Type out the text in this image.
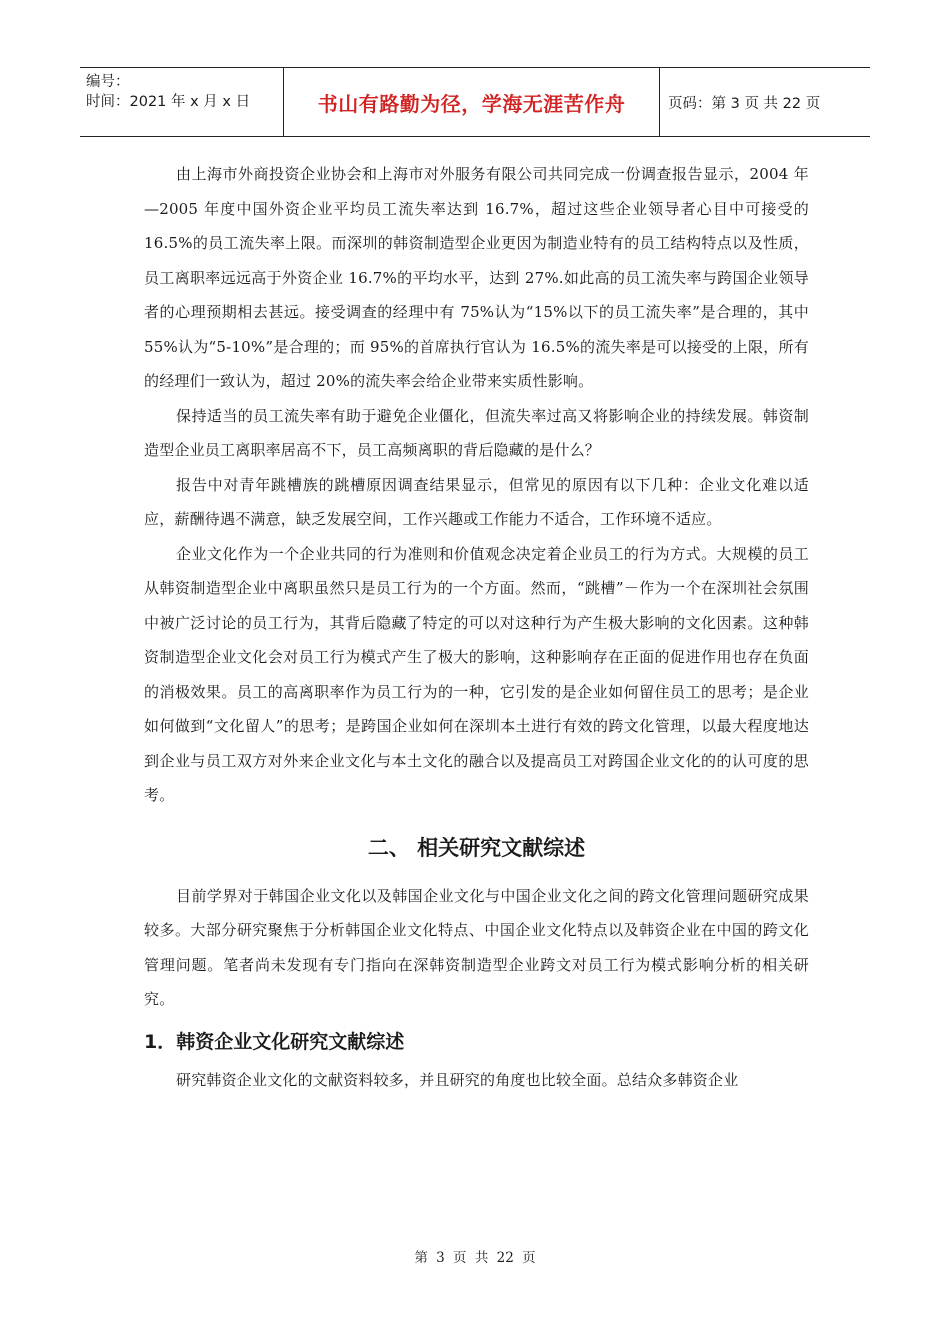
编号：
时间：2021 年 x 月 x 日	书山有路勤为径，学海无涯苦作舟	页码：第 3 页 共 22 页

由上海市外商投资企业协会和上海市对外服务有限公司共同完成一份调查报告显示，2004 年—2005 年度中国外资企业平均员工流失率达到 16.7%，超过这些企业领导者心目中可接受的 16.5%的员工流失率上限。而深圳的韩资制造型企业更因为制造业特有的员工结构特点以及性质，员工离职率远远高于外资企业 16.7%的平均水平，达到 27%.如此高的员工流失率与跨国企业领导者的心理预期相去甚远。接受调查的经理中有 75%认为“15%以下的员工流失率”是合理的，其中 55%认为“5-10%”是合理的；而 95%的首席执行官认为 16.5%的流失率是可以接受的上限，所有的经理们一致认为，超过 20%的流失率会给企业带来实质性影响。

保持适当的员工流失率有助于避免企业僵化，但流失率过高又将影响企业的持续发展。韩资制造型企业员工离职率居高不下，员工高频离职的背后隐藏的是什么？

报告中对青年跳槽族的跳槽原因调查结果显示，但常见的原因有以下几种：企业文化难以适应，薪酬待遇不满意，缺乏发展空间，工作兴趣或工作能力不适合，工作环境不适应。

企业文化作为一个企业共同的行为准则和价值观念决定着企业员工的行为方式。大规模的员工从韩资制造型企业中离职虽然只是员工行为的一个方面。然而，“跳槽”－作为一个在深圳社会氛围中被广泛讨论的员工行为，其背后隐藏了特定的可以对这种行为产生极大影响的文化因素。这种韩资制造型企业文化会对员工行为模式产生了极大的影响，这种影响存在正面的促进作用也存在负面的消极效果。员工的高离职率作为员工行为的一种，它引发的是企业如何留住员工的思考；是企业如何做到“文化留人”的思考；是跨国企业如何在深圳本土进行有效的跨文化管理，以最大程度地达到企业与员工双方对外来企业文化与本土文化的融合以及提高员工对跨国企业文化的的认可度的思考。

二、 相关研究文献综述

目前学界对于韩国企业文化以及韩国企业文化与中国企业文化之间的跨文化管理问题研究成果较多。大部分研究聚焦于分析韩国企业文化特点、中国企业文化特点以及韩资企业在中国的跨文化管理问题。笔者尚未发现有专门指向在深韩资制造型企业跨文对员工行为模式影响分析的相关研究。

1．韩资企业文化研究文献综述

研究韩资企业文化的文献资料较多，并且研究的角度也比较全面。总结众多韩资企业

第 3 页 共 22 页
